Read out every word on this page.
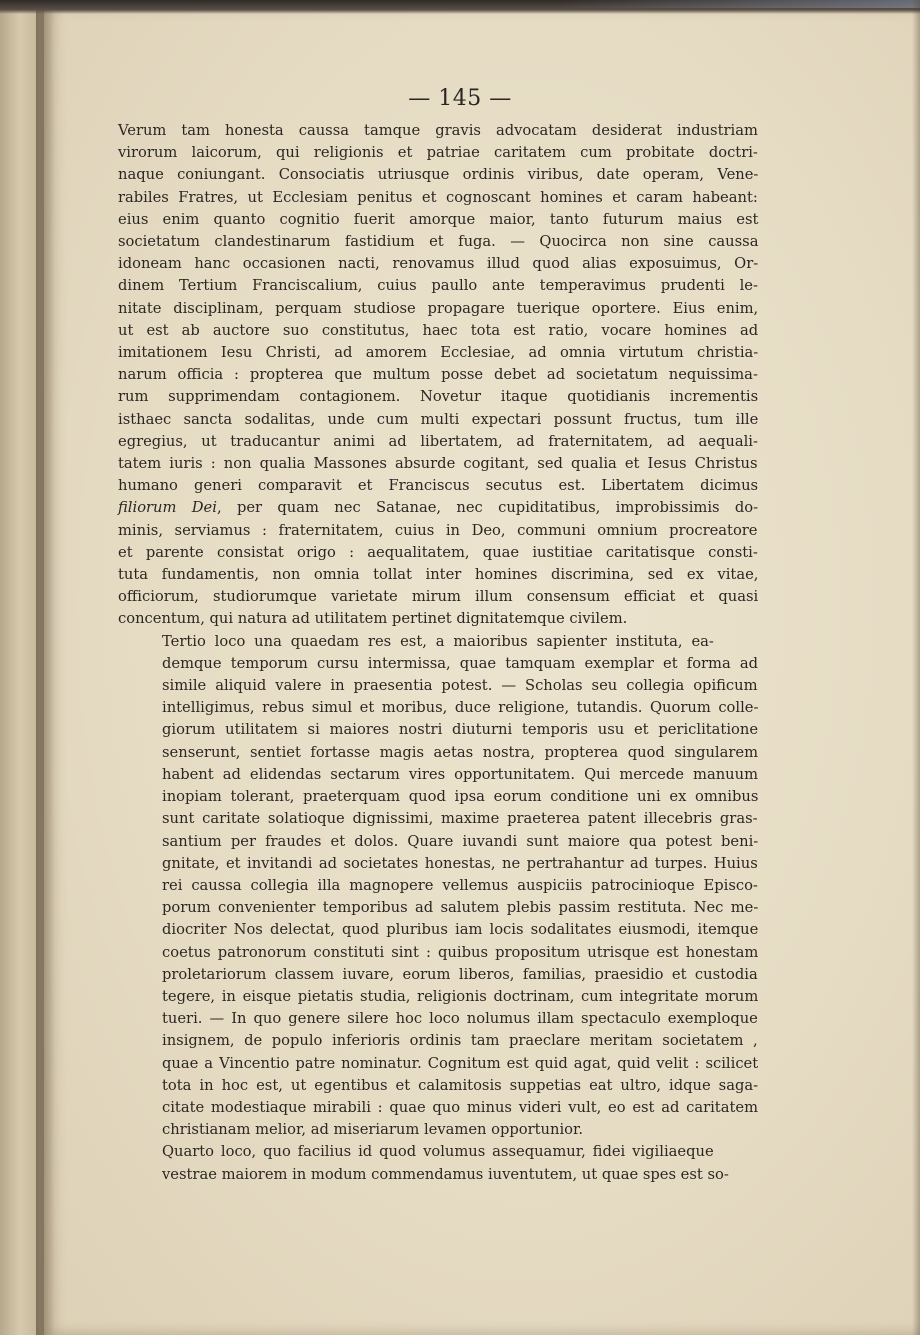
— 145 —
Verum tam honesta caussa tamque gravis advocatam desiderat industriam
virorum laicorum, qui religionis et patriae caritatem cum probitate doctri-
naque coniungant. Consociatis utriusque ordinis viribus, date operam, Vene-
rabiles Fratres, ut Ecclesiam penitus et cognoscant homines et caram habeant:
eius enim quanto cognitio fuerit amorque maior, tanto futurum maius est
societatum clandestinarum fastidium et fuga. — Quocirca non sine caussa
idoneam hanc occasionen nacti, renovamus illud quod alias exposuimus, Or-
dinem Tertium Franciscalium, cuius paullo ante temperavimus prudenti le-
nitate disciplinam, perquam studiose propagare tuerique oportere. Eius enim,
ut est ab auctore suo constitutus, haec tota est ratio, vocare homines ad
imitationem Iesu Christi, ad amorem Ecclesiae, ad omnia virtutum christia-
narum officia : propterea que multum posse debet ad societatum nequissima-
rum supprimendam contagionem. Novetur itaque quotidianis incrementis
isthaec sancta sodalitas, unde cum multi expectari possunt fructus, tum ille
egregius, ut traducantur animi ad libertatem, ad fraternitatem, ad aequali-
tatem iuris : non qualia Massones absurde cogitant, sed qualia et Iesus Christus
humano generi comparavit et Franciscus secutus est. Libertatem dicimus
filiorum Dei, per quam nec Satanae, nec cupiditatibus, improbissimis do-
minis, serviamus : fraternitatem, cuius in Deo, communi omnium procreatore
et parente consistat origo : aequalitatem, quae iustitiae caritatisque consti-
tuta fundamentis, non omnia tollat inter homines discrimina, sed ex vitae,
officiorum, studiorumque varietate mirum illum consensum efficiat et quasi
concentum, qui natura ad utilitatem pertinet dignitatemque civilem.
Tertio loco una quaedam res est, a maioribus sapienter instituta, ea-
demque temporum cursu intermissa, quae tamquam exemplar et forma ad
simile aliquid valere in praesentia potest. — Scholas seu collegia opificum
intelligimus, rebus simul et moribus, duce religione, tutandis. Quorum colle-
giorum utilitatem si maiores nostri diuturni temporis usu et periclitatione
senserunt, sentiet fortasse magis aetas nostra, propterea quod singularem
habent ad elidendas sectarum vires opportunitatem. Qui mercede manuum
inopiam tolerant, praeterquam quod ipsa eorum conditione uni ex omnibus
sunt caritate solatioque dignissimi, maxime praeterea patent illecebris gras-
santium per fraudes et dolos. Quare iuvandi sunt maiore qua potest beni-
gnitate, et invitandi ad societates honestas, ne pertrahantur ad turpes. Huius
rei caussa collegia illa magnopere vellemus auspiciis patrocinioque Episco-
porum convenienter temporibus ad salutem plebis passim restituta. Nec me-
diocriter Nos delectat, quod pluribus iam locis sodalitates eiusmodi, itemque
coetus patronorum constituti sint : quibus propositum utrisque est honestam
proletariorum classem iuvare, eorum liberos, familias, praesidio et custodia
tegere, in eisque pietatis studia, religionis doctrinam, cum integritate morum
tueri. — In quo genere silere hoc loco nolumus illam spectaculo exemploque
insignem, de populo inferioris ordinis tam praeclare meritam societatem ,
quae a Vincentio patre nominatur. Cognitum est quid agat, quid velit : scilicet
tota in hoc est, ut egentibus et calamitosis suppetias eat ultro, idque saga-
citate modestiaque mirabili : quae quo minus videri vult, eo est ad caritatem
christianam melior, ad miseriarum levamen opportunior.
Quarto loco, quo facilius id quod volumus assequamur, fidei vigiliaeque
vestrae maiorem in modum commendamus iuventutem, ut quae spes est so-
